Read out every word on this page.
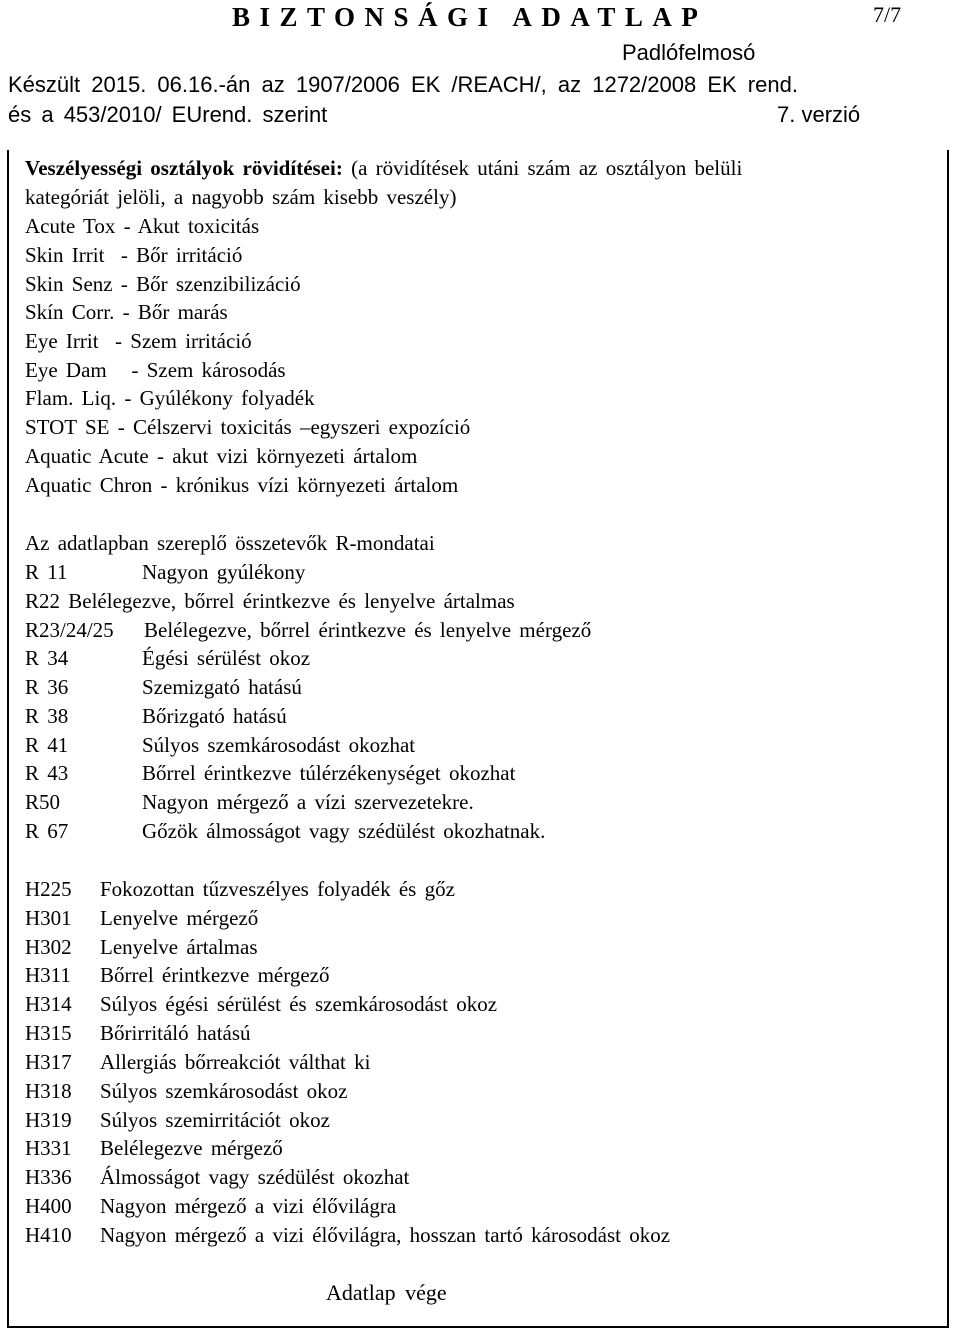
BIZTONSÁGI ADATLAP	7/7
Padlófelmosó
Készült 2015. 06.16.-án az 1907/2006 EK /REACH/, az 1272/2008 EK rend.
és a 453/2010/ EUrend. szerint	7. verzió
Veszélyességi osztályok rövidítései: (a rövidítések utáni szám az osztályon belüli
kategóriát jelöli, a nagyobb szám kisebb veszély)
Acute Tox - Akut toxicitás
Skin Irrit  - Bőr irritáció
Skin Senz - Bőr szenzibilizáció
Skín Corr. - Bőr marás
Eye Irrit  - Szem irritáció
Eye Dam   - Szem károsodás
Flam. Liq. - Gyúlékony folyadék
STOT SE - Célszervi toxicitás –egyszeri expozíció
Aquatic Acute - akut vizi környezeti ártalom
Aquatic Chron - krónikus vízi környezeti ártalom
Az adatlapban szereplő összetevők R-mondatai
R 11	Nagyon gyúlékony
R22 Belélegezve, bőrrel érintkezve és lenyelve ártalmas
R23/24/25 Belélegezve, bőrrel érintkezve és lenyelve mérgező
R 34	Égési sérülést okoz
R 36	Szemizgató hatású
R 38	Bőrizgató hatású
R 41	Súlyos szemkárosodást okozhat
R 43	Bőrrel érintkezve túlérzékenységet okozhat
R50	Nagyon mérgező a vízi szervezetekre.
R 67	Gőzök álmosságot vagy szédülést okozhatnak.
H225 Fokozottan tűzveszélyes folyadék és gőz
H301 Lenyelve mérgező
H302 Lenyelve ártalmas
H311 Bőrrel érintkezve mérgező
H314 Súlyos égési sérülést és szemkárosodást okoz
H315 Bőrirritáló hatású
H317 Allergiás bőrreakciót válthat ki
H318 Súlyos szemkárosodást okoz
H319 Súlyos szemirritációt okoz
H331 Belélegezve mérgező
H336 Álmosságot vagy szédülést okozhat
H400 Nagyon mérgező a vizi élővilágra
H410 Nagyon mérgező a vizi élővilágra, hosszan tartó károsodást okoz
Adatlap vége
